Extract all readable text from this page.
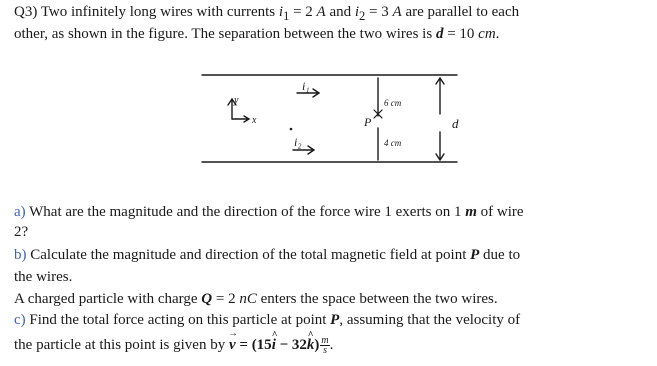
Q3) Two infinitely long wires with currents $i_1 = 2$ A and $i_2 = 3$ A are parallel to each
other, as shown in the figure. The separation between the two wires is d = 10 cm.
y
x
i₁
i₂
P
6 cm
4 cm
d
a) What are the magnitude and the direction of the force wire 1 exerts on 1 m of wire
2?
b) Calculate the magnitude and direction of the total magnetic field at point P due to
the wires.
A charged particle with charge Q = 2 nC enters the space between the two wires.
c) Find the total force acting on this particle at point P, assuming that the velocity of
the particle at this point is given by v → = (15i ^ − 32k ^) $\frac{m}{s}$ .
